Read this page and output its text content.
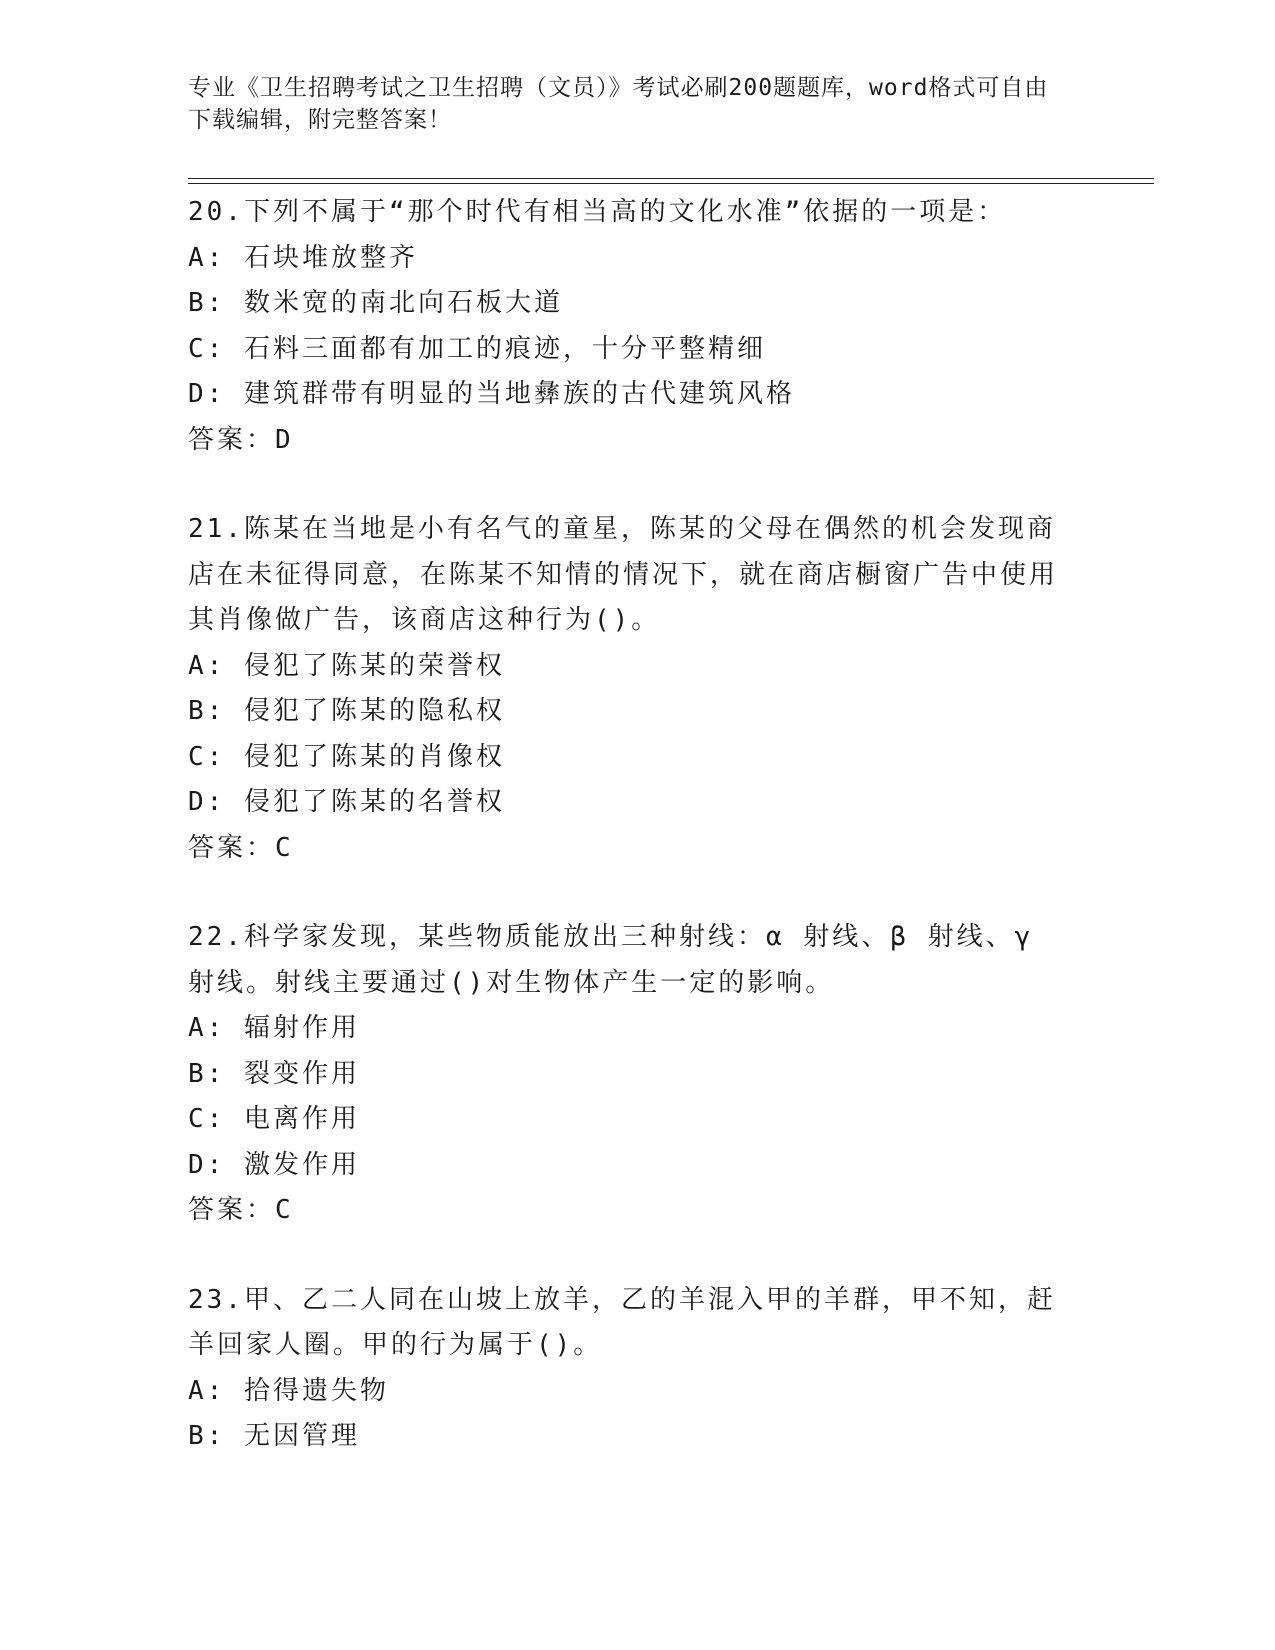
专业《卫生招聘考试之卫生招聘（文员）》考试必刷200题题库，word格式可自由下载编辑，附完整答案！
20.下列不属于“那个时代有相当高的文化水准”依据的一项是：
A: 石块堆放整齐
B: 数米宽的南北向石板大道
C: 石料三面都有加工的痕迹，十分平整精细
D: 建筑群带有明显的当地彝族的古代建筑风格
答案：D
21.陈某在当地是小有名气的童星，陈某的父母在偶然的机会发现商店在未征得同意，在陈某不知情的情况下，就在商店橱窗广告中使用其肖像做广告，该商店这种行为()。
A: 侵犯了陈某的荣誉权
B: 侵犯了陈某的隐私权
C: 侵犯了陈某的肖像权
D: 侵犯了陈某的名誉权
答案：C
22.科学家发现，某些物质能放出三种射线：α 射线、β 射线、γ 射线。射线主要通过()对生物体产生一定的影响。
A: 辐射作用
B: 裂变作用
C: 电离作用
D: 激发作用
答案：C
23.甲、乙二人同在山坡上放羊，乙的羊混入甲的羊群，甲不知，赶羊回家人圈。甲的行为属于()。
A: 拾得遗失物
B: 无因管理
